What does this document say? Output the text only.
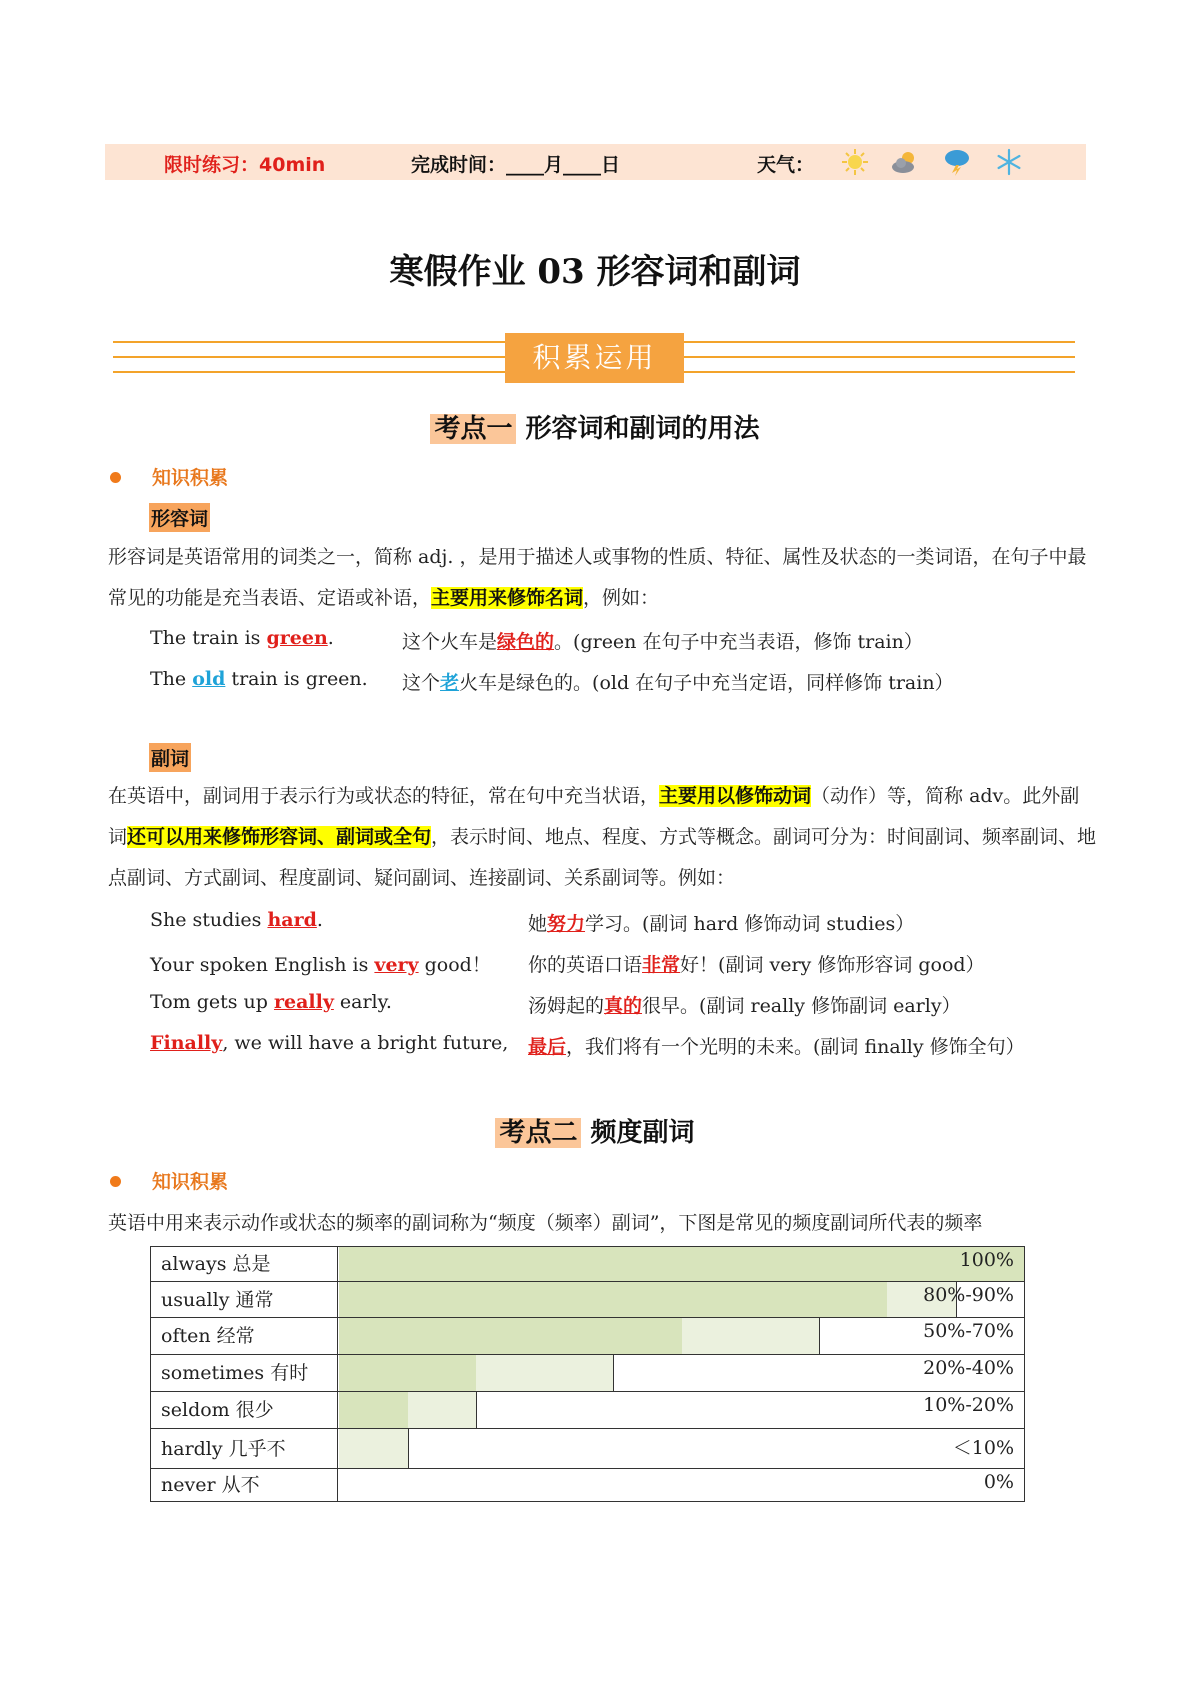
限时练习：40min	完成时间：____月____日	天气：
寒假作业 03 形容词和副词
积累运用
考点一 形容词和副词的用法
知识积累
形容词
形容词是英语常用的词类之一，简称 adj. ，是用于描述人或事物的性质、特征、属性及状态的一类词语，在句子中最常见的功能是充当表语、定语或补语，主要用来修饰名词，例如：
The train is green.	这个火车是绿色的。(green 在句子中充当表语，修饰 train）
The old train is green. 这个老火车是绿色的。(old 在句子中充当定语，同样修饰 train）
副词
在英语中，副词用于表示行为或状态的特征，常在句中充当状语，主要用以修饰动词（动作）等，简称 adv。此外副词还可以用来修饰形容词、副词或全句，表示时间、地点、程度、方式等概念。副词可分为：时间副词、频率副词、地点副词、方式副词、程度副词、疑问副词、连接副词、关系副词等。例如：
She studies hard.	她努力学习。(副词 hard 修饰动词 studies）
Your spoken English is very good！ 你的英语口语非常好！(副词 very 修饰形容词 good）
Tom gets up really early.	汤姆起的真的很早。(副词 really 修饰副词 early）
Finally, we will have a bright future, 最后，我们将有一个光明的未来。(副词 finally 修饰全句）
考点二 频度副词
知识积累
英语中用来表示动作或状态的频率的副词称为“频度（频率）副词”，下图是常见的频度副词所代表的频率
always 总是	100%
usually 通常	80%-90%
often 经常	50%-70%
sometimes 有时	20%-40%
seldom 很少	10%-20%
hardly 几乎不	＜10%
never 从不	0%
